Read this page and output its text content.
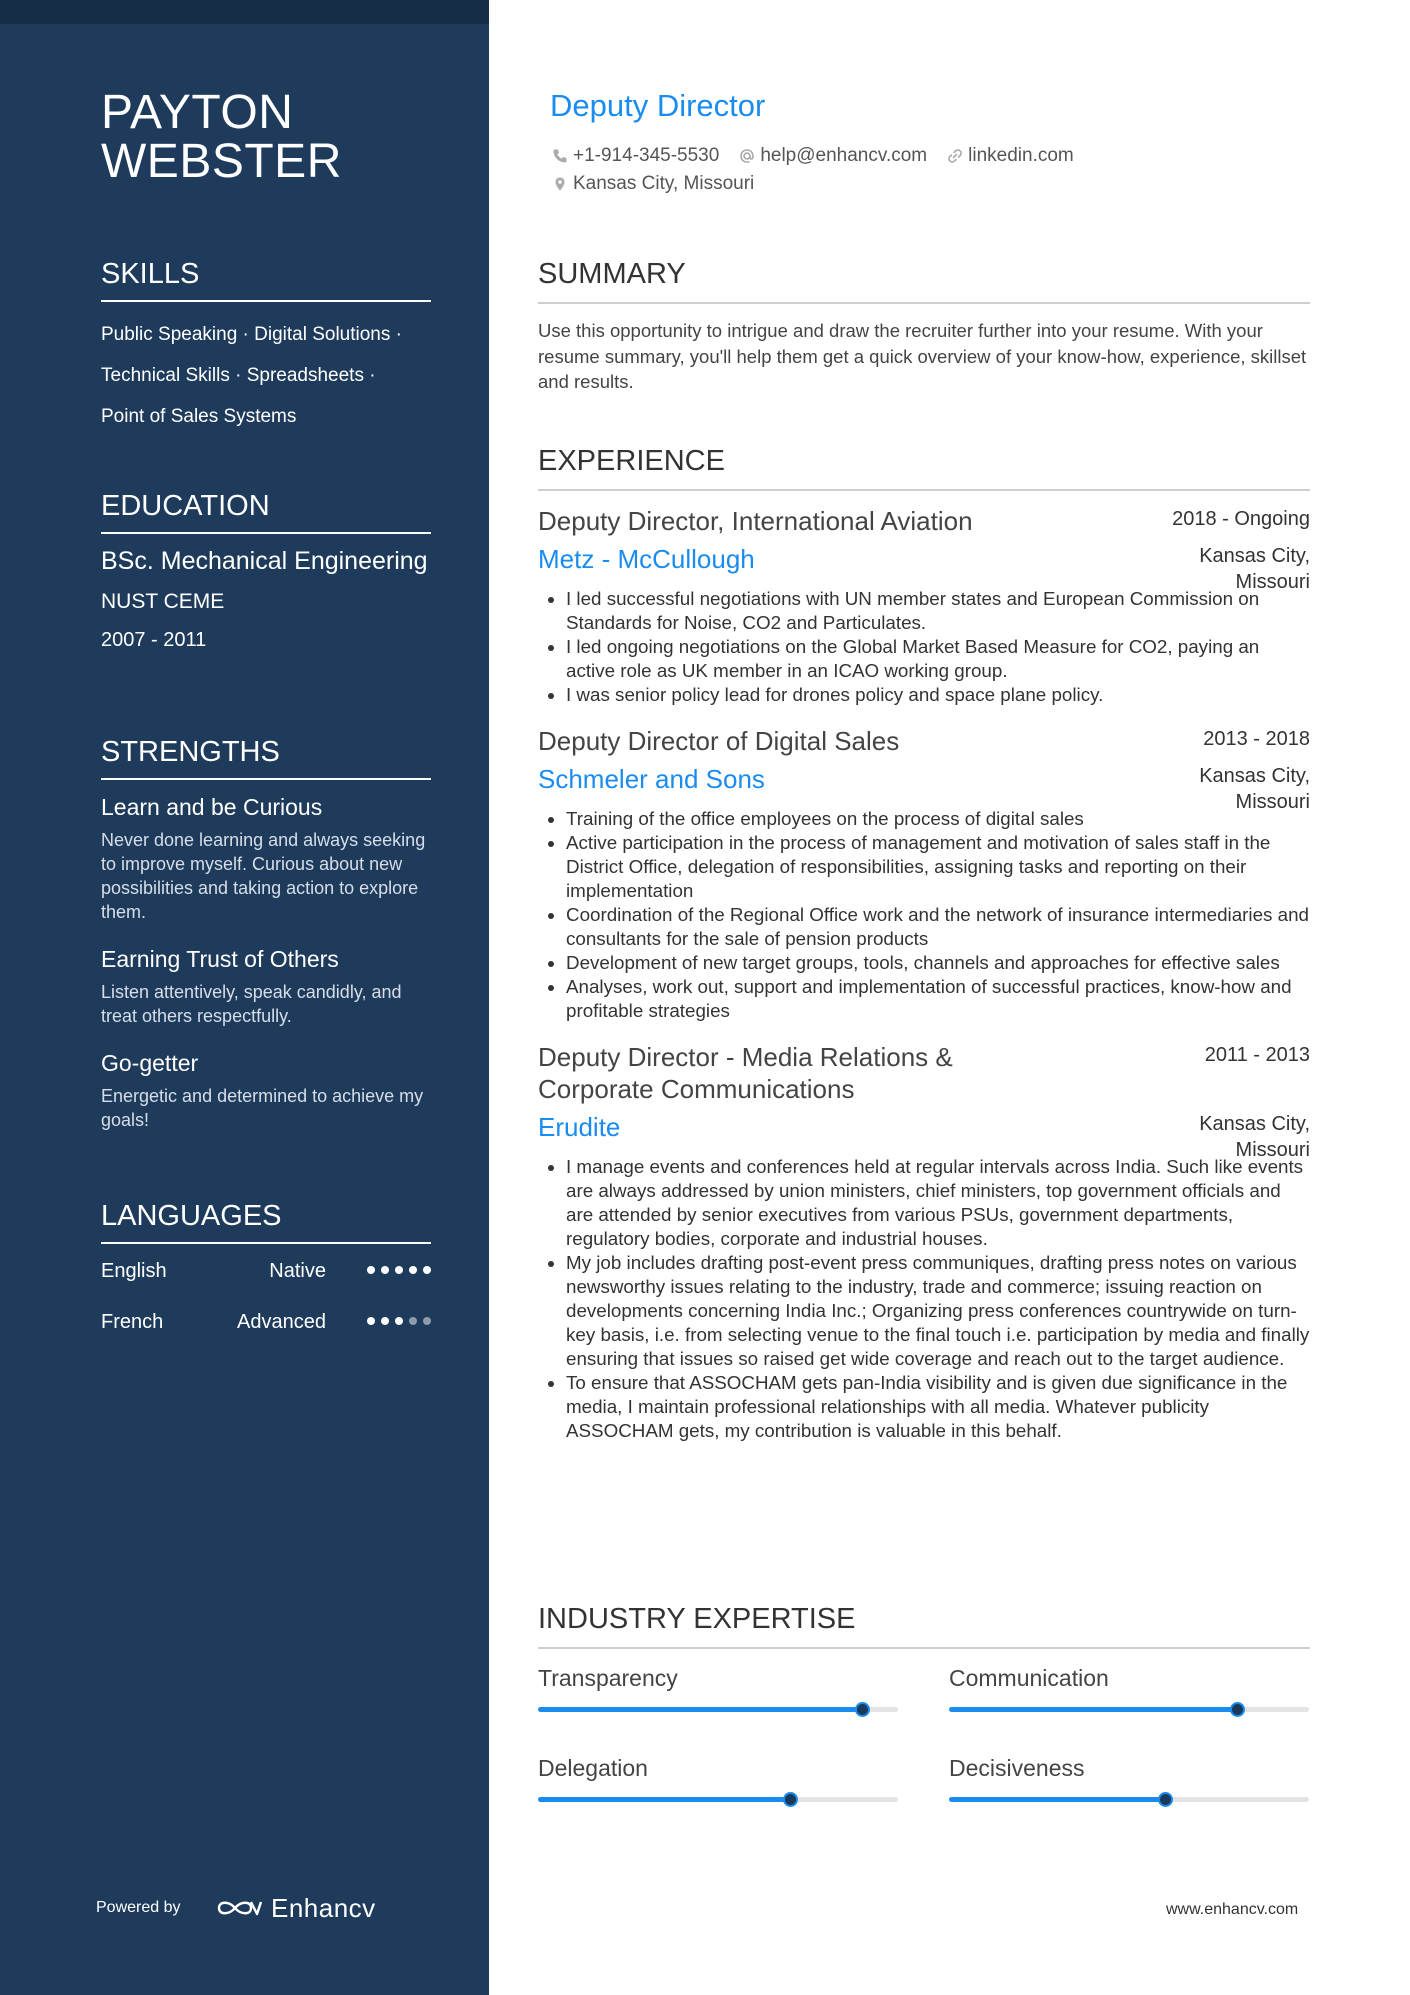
PAYTON
WEBSTER
SKILLS
Public Speaking · Digital Solutions ·
Technical Skills · Spreadsheets ·
Point of Sales Systems
EDUCATION
BSc. Mechanical Engineering
NUST CEME
2007 - 2011
STRENGTHS
Learn and be Curious
Never done learning and always seeking to improve myself. Curious about new possibilities and taking action to explore them.
Earning Trust of Others
Listen attentively, speak candidly, and treat others respectfully.
Go-getter
Energetic and determined to achieve my goals!
LANGUAGES
English	Native
French	Advanced
Powered by	Enhancv
Deputy Director
+1-914-345-5530 help@enhancv.com linkedin.com
Kansas City, Missouri
SUMMARY
Use this opportunity to intrigue and draw the recruiter further into your resume. With your resume summary, you'll help them get a quick overview of your know-how, experience, skillset and results.
EXPERIENCE
Deputy Director, International Aviation	2018 - Ongoing
Metz - McCullough	Kansas City,
Missouri
• I led successful negotiations with UN member states and European Commission on Standards for Noise, CO2 and Particulates.
• I led ongoing negotiations on the Global Market Based Measure for CO2, paying an active role as UK member in an ICAO working group.
• I was senior policy lead for drones policy and space plane policy.
Deputy Director of Digital Sales	2013 - 2018
Schmeler and Sons	Kansas City,
Missouri
• Training of the office employees on the process of digital sales
• Active participation in the process of management and motivation of sales staff in the District Office, delegation of responsibilities, assigning tasks and reporting on their implementation
• Coordination of the Regional Office work and the network of insurance intermediaries and consultants for the sale of pension products
• Development of new target groups, tools, channels and approaches for effective sales
• Analyses, work out, support and implementation of successful practices, know-how and profitable strategies
Deputy Director - Media Relations & Corporate Communications
2011 - 2013
Erudite	Kansas City,
Missouri
• I manage events and conferences held at regular intervals across India. Such like events are always addressed by union ministers, chief ministers, top government officials and are attended by senior executives from various PSUs, government departments, regulatory bodies, corporate and industrial houses.
• My job includes drafting post-event press communiques, drafting press notes on various newsworthy issues relating to the industry, trade and commerce; issuing reaction on developments concerning India Inc.; Organizing press conferences countrywide on turn-key basis, i.e. from selecting venue to the final touch i.e. participation by media and finally ensuring that issues so raised get wide coverage and reach out to the target audience.
• To ensure that ASSOCHAM gets pan-India visibility and is given due significance in the media, I maintain professional relationships with all media. Whatever publicity ASSOCHAM gets, my contribution is valuable in this behalf.
INDUSTRY EXPERTISE
Transparency	Communication
Delegation	Decisiveness
www.enhancv.com
